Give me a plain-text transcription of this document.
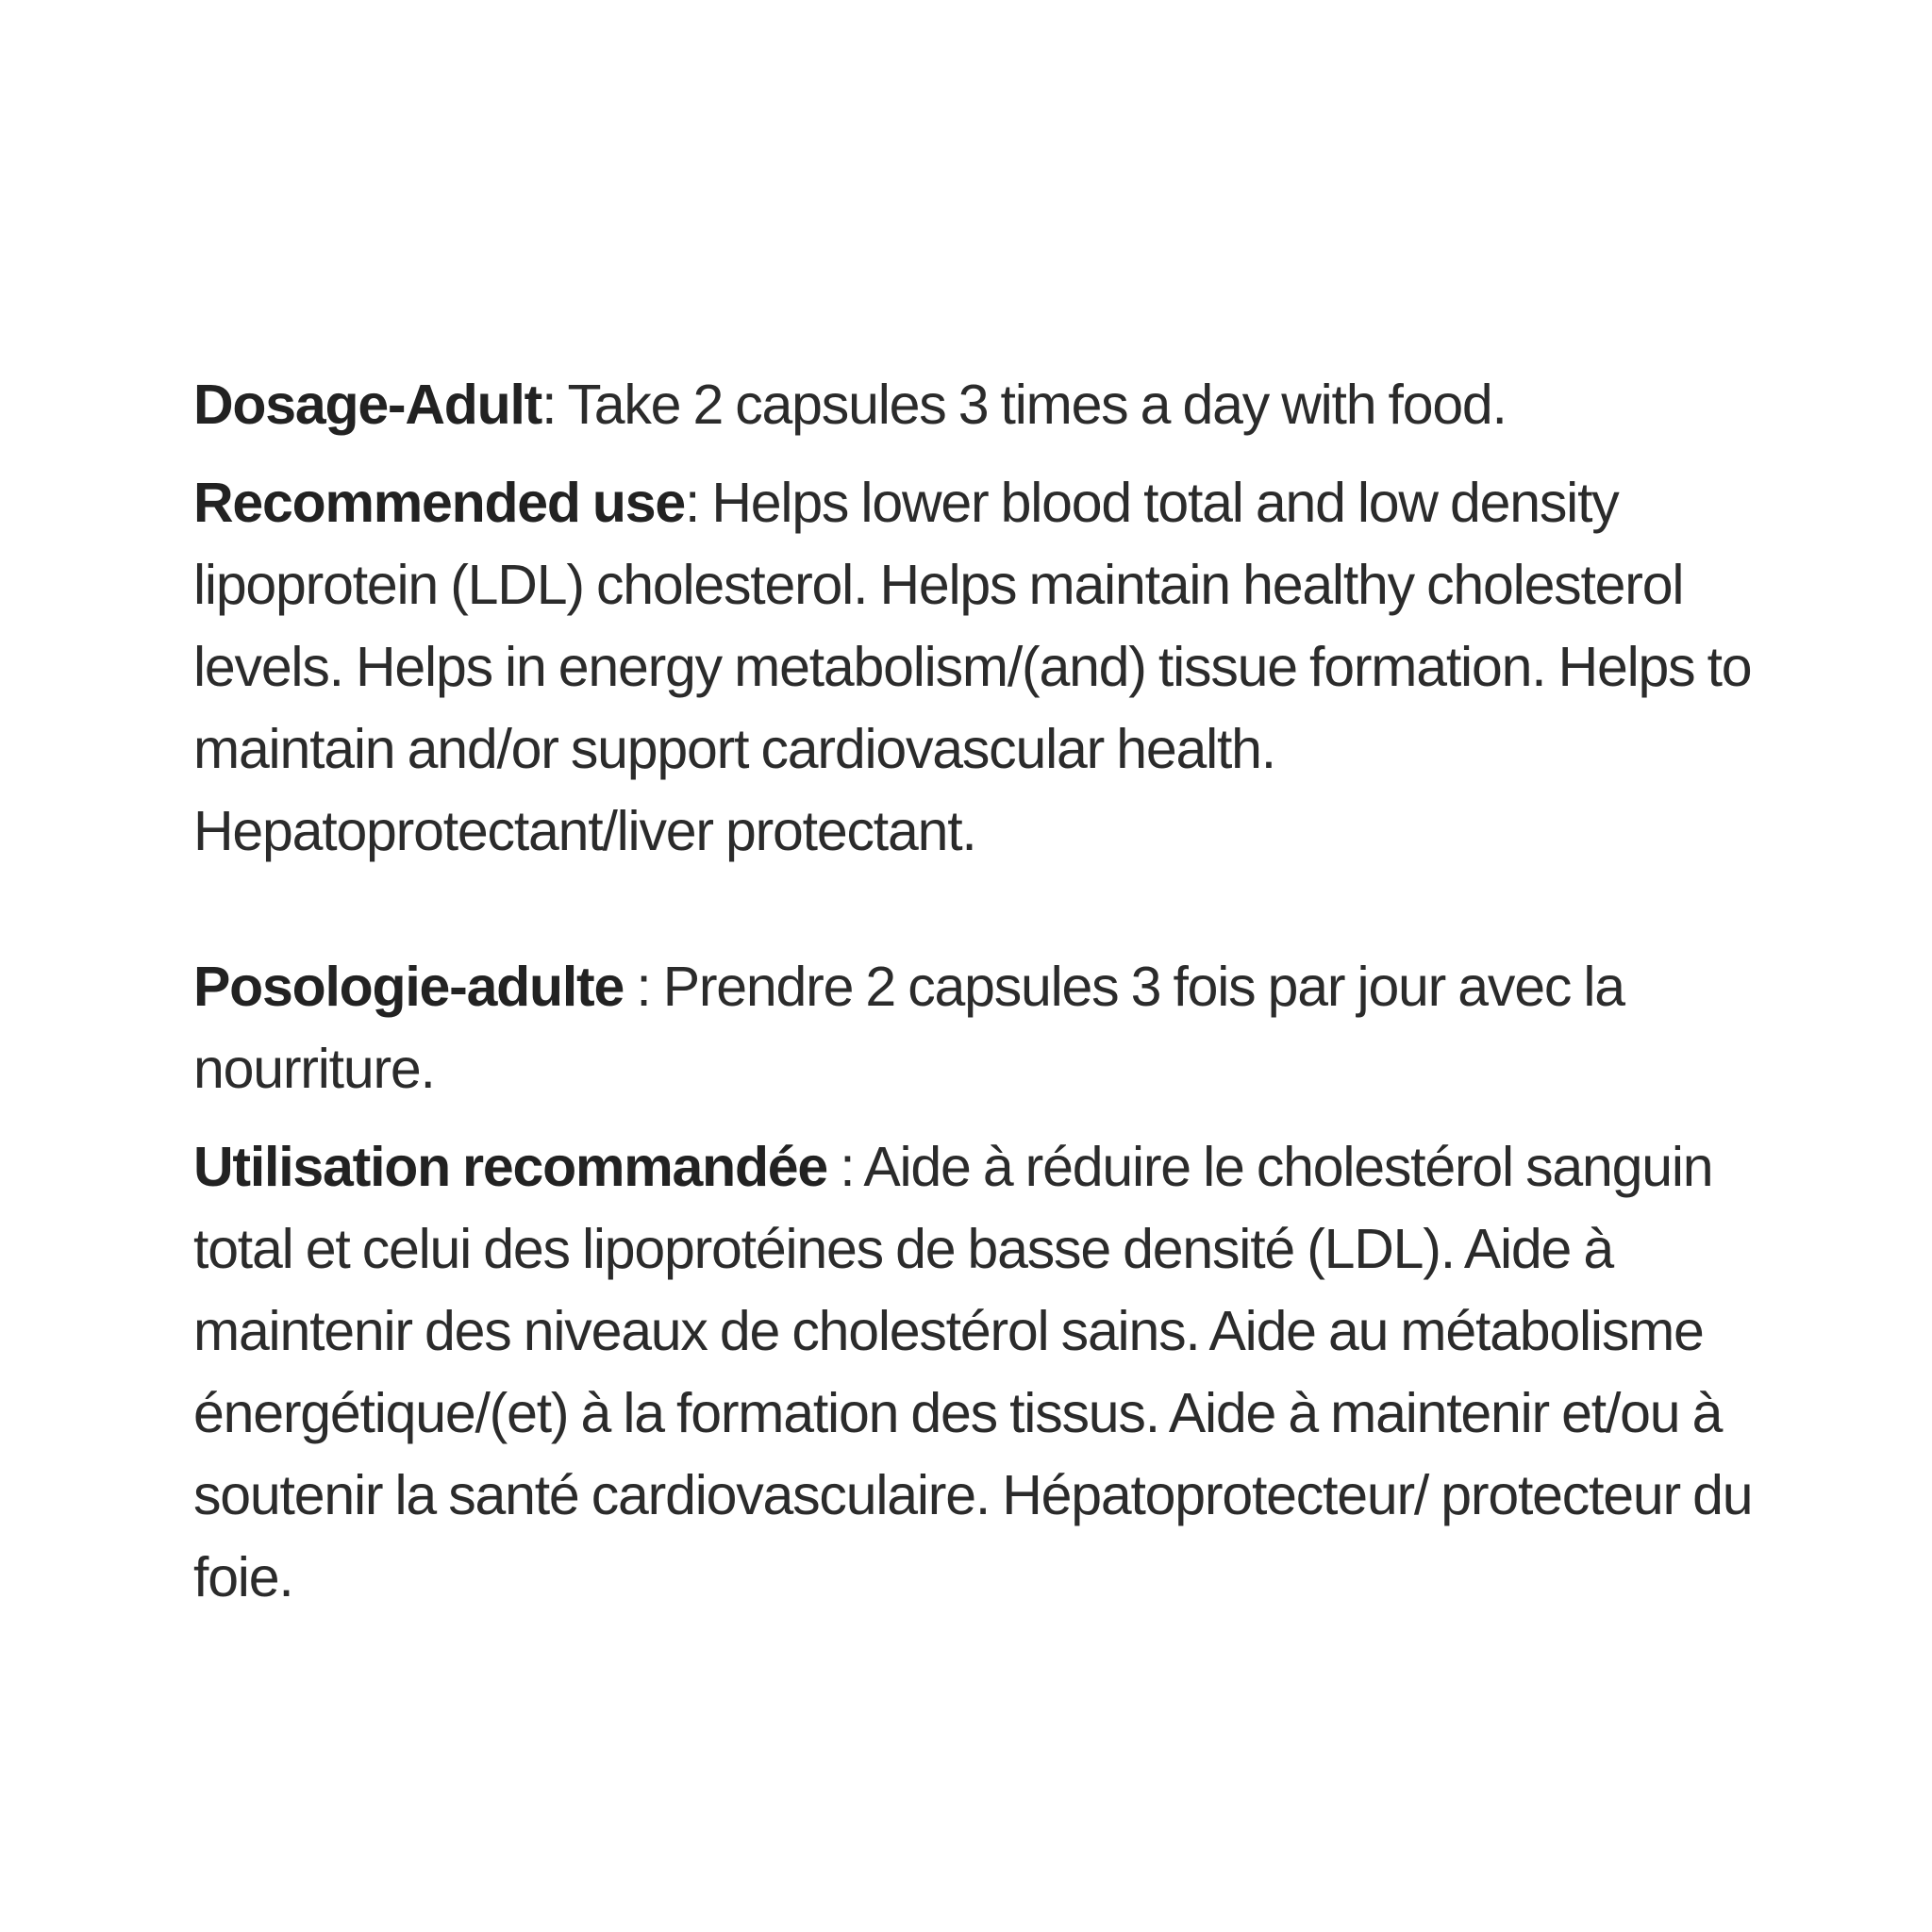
Dosage-Adult: Take 2 capsules 3 times a day with food.

Recommended use: Helps lower blood total and low density lipoprotein (LDL) cholesterol. Helps maintain healthy cholesterol levels. Helps in energy metabolism/(and) tissue formation. Helps to maintain and/or support cardiovascular health. Hepatoprotectant/liver protectant.

Posologie-adulte : Prendre 2 capsules 3 fois par jour avec la nourriture.

Utilisation recommandée : Aide à réduire le cholestérol sanguin total et celui des lipoprotéines de basse densité (LDL). Aide à maintenir des niveaux de cholestérol sains. Aide au métabolisme énergétique/(et) à la formation des tissus. Aide à maintenir et/ou à soutenir la santé cardiovasculaire. Hépatoprotecteur/ protecteur du foie.
